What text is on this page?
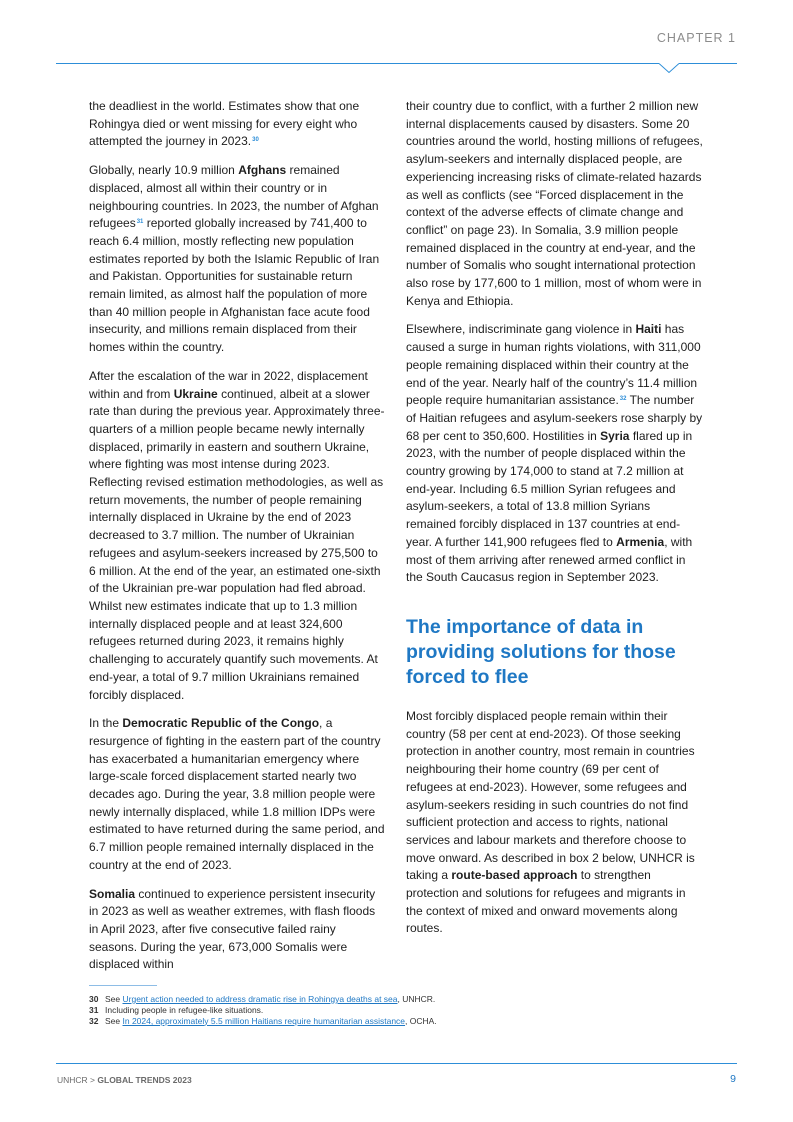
CHAPTER 1

the deadliest in the world. Estimates show that one Rohingya died or went missing for every eight who attempted the journey in 2023.30

Globally, nearly 10.9 million Afghans remained displaced, almost all within their country or in neighbouring countries. In 2023, the number of Afghan refugees$^{31}$ reported globally increased by 741,400 to reach 6.4 million, mostly reflecting new population estimates reported by both the Islamic Republic of Iran and Pakistan. Opportunities for sustainable return remain limited, as almost half the population of more than 40 million people in Afghanistan face acute food insecurity, and millions remain displaced from their homes within the country.

After the escalation of the war in 2022, displacement within and from Ukraine continued, albeit at a slower rate than during the previous year. Approximately three-quarters of a million people became newly internally displaced, primarily in eastern and southern Ukraine, where fighting was most intense during 2023. Reflecting revised estimation methodologies, as well as return movements, the number of people remaining internally displaced in Ukraine by the end of 2023 decreased to 3.7 million. The number of Ukrainian refugees and asylum-seekers increased by 275,500 to 6 million. At the end of the year, an estimated one-sixth of the Ukrainian pre-war population had fled abroad. Whilst new estimates indicate that up to 1.3 million internally displaced people and at least 324,600 refugees returned during 2023, it remains highly challenging to accurately quantify such movements. At end-year, a total of 9.7 million Ukrainians remained forcibly displaced.

In the Democratic Republic of the Congo, a resurgence of fighting in the eastern part of the country has exacerbated a humanitarian emergency where large-scale forced displacement started nearly two decades ago. During the year, 3.8 million people were newly internally displaced, while 1.8 million IDPs were estimated to have returned during the same period, and 6.7 million people remained internally displaced in the country at the end of 2023.

Somalia continued to experience persistent insecurity in 2023 as well as weather extremes, with flash floods in April 2023, after five consecutive failed rainy seasons. During the year, 673,000 Somalis were displaced within

their country due to conflict, with a further 2 million new internal displacements caused by disasters. Some 20 countries around the world, hosting millions of refugees, asylum-seekers and internally displaced people, are experiencing increasing risks of climate-related hazards as well as conflicts (see “Forced displacement in the context of the adverse effects of climate change and conflict” on page 23). In Somalia, 3.9 million people remained displaced in the country at end-year, and the number of Somalis who sought international protection also rose by 177,600 to 1 million, most of whom were in Kenya and Ethiopia.

Elsewhere, indiscriminate gang violence in Haiti has caused a surge in human rights violations, with 311,000 people remaining displaced within their country at the end of the year. Nearly half of the country’s 11.4 million people require humanitarian assistance.$^{32}$ The number of Haitian refugees and asylum-seekers rose sharply by 68 per cent to 350,600. Hostilities in Syria flared up in 2023, with the number of people displaced within the country growing by 174,000 to stand at 7.2 million at end-year. Including 6.5 million Syrian refugees and asylum-seekers, a total of 13.8 million Syrians remained forcibly displaced in 137 countries at end-year. A further 141,900 refugees fled to Armenia, with most of them arriving after renewed armed conflict in the South Caucasus region in September 2023.

The importance of data in providing solutions for those forced to flee

Most forcibly displaced people remain within their country (58 per cent at end-2023). Of those seeking protection in another country, most remain in countries neighbouring their home country (69 per cent of refugees at end-2023). However, some refugees and asylum-seekers residing in such countries do not find sufficient protection and access to rights, national services and labour markets and therefore choose to move onward. As described in box 2 below, UNHCR is taking a route-based approach to strengthen protection and solutions for refugees and migrants in the context of mixed and onward movements along routes.

30 See Urgent action needed to address dramatic rise in Rohingya deaths at sea, UNHCR.
31 Including people in refugee-like situations.
32 See In 2024, approximately 5.5 million Haitians require humanitarian assistance, OCHA.
UNHCR > GLOBAL TRENDS 2023	9
